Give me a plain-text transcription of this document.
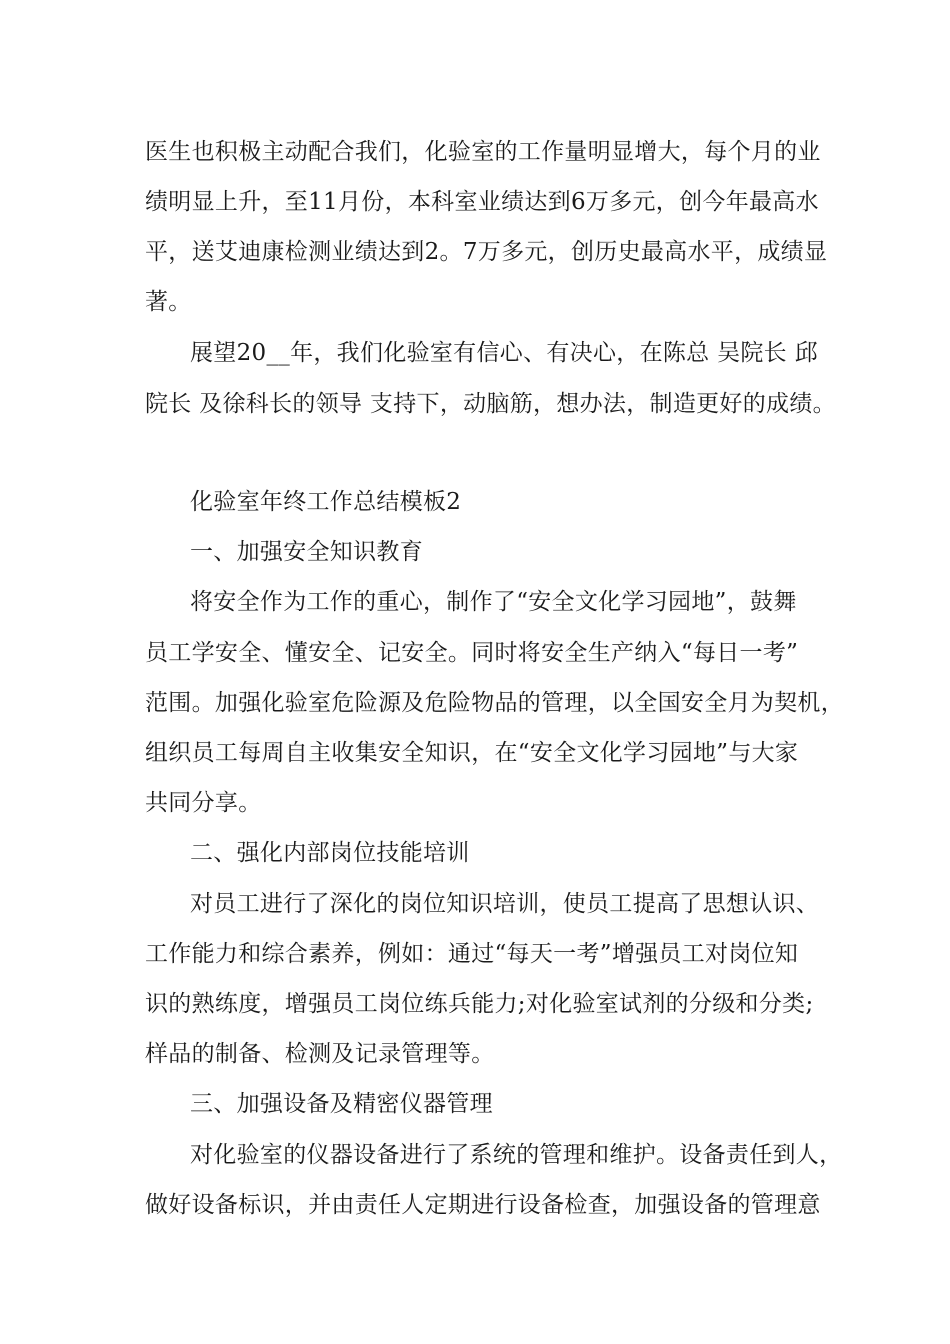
医生也积极主动配合我们，化验室的工作量明显增大，每个月的业
绩明显上升，至11月份，本科室业绩达到6万多元，创今年最高水
平，送艾迪康检测业绩达到2。7万多元，创历史最高水平，成绩显
著。
展望20__年，我们化验室有信心、有决心，在陈总 吴院长 邱
院长 及徐科长的领导 支持下，动脑筋，想办法，制造更好的成绩。
化验室年终工作总结模板2
一、加强安全知识教育
将安全作为工作的重心，制作了“安全文化学习园地”，鼓舞
员工学安全、懂安全、记安全。同时将安全生产纳入“每日一考”
范围。加强化验室危险源及危险物品的管理，以全国安全月为契机，
组织员工每周自主收集安全知识，在“安全文化学习园地”与大家
共同分享。
二、强化内部岗位技能培训
对员工进行了深化的岗位知识培训，使员工提高了思想认识、
工作能力和综合素养，例如：通过“每天一考”增强员工对岗位知
识的熟练度，增强员工岗位练兵能力;对化验室试剂的分级和分类;
样品的制备、检测及记录管理等。
三、加强设备及精密仪器管理
对化验室的仪器设备进行了系统的管理和维护。设备责任到人，
做好设备标识，并由责任人定期进行设备检查，加强设备的管理意
